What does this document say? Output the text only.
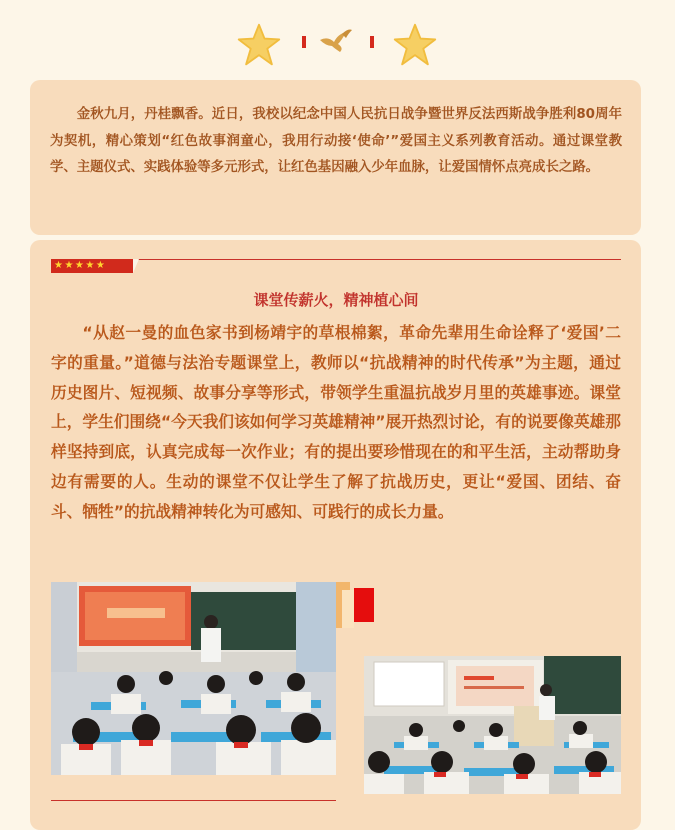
金秋九月，丹桂飘香。近日，我校以纪念中国人民抗日战争暨世界反法西斯战争胜利80周年为契机，精心策划“红色故事润童心，我用行动接‘使命’”爱国主义系列教育活动。通过课堂教学、主题仪式、实践体验等多元形式，让红色基因融入少年血脉，让爱国情怀点亮成长之路。

★★★★★
课堂传薪火，精神植心间

“从赵一曼的血色家书到杨靖宇的草根棉絮，革命先辈用生命诠释了‘爱国’二字的重量。”道德与法治专题课堂上，教师以“抗战精神的时代传承”为主题，通过历史图片、短视频、故事分享等形式，带领学生重温抗战岁月里的英雄事迹。课堂上，学生们围绕“今天我们该如何学习英雄精神”展开热烈讨论，有的说要像英雄那样坚持到底，认真完成每一次作业；有的提出要珍惜现在的和平生活，主动帮助身边有需要的人。生动的课堂不仅让学生了解了抗战历史，更让“爱国、团结、奋斗、牺牲”的抗战精神转化为可感知、可践行的成长力量。
